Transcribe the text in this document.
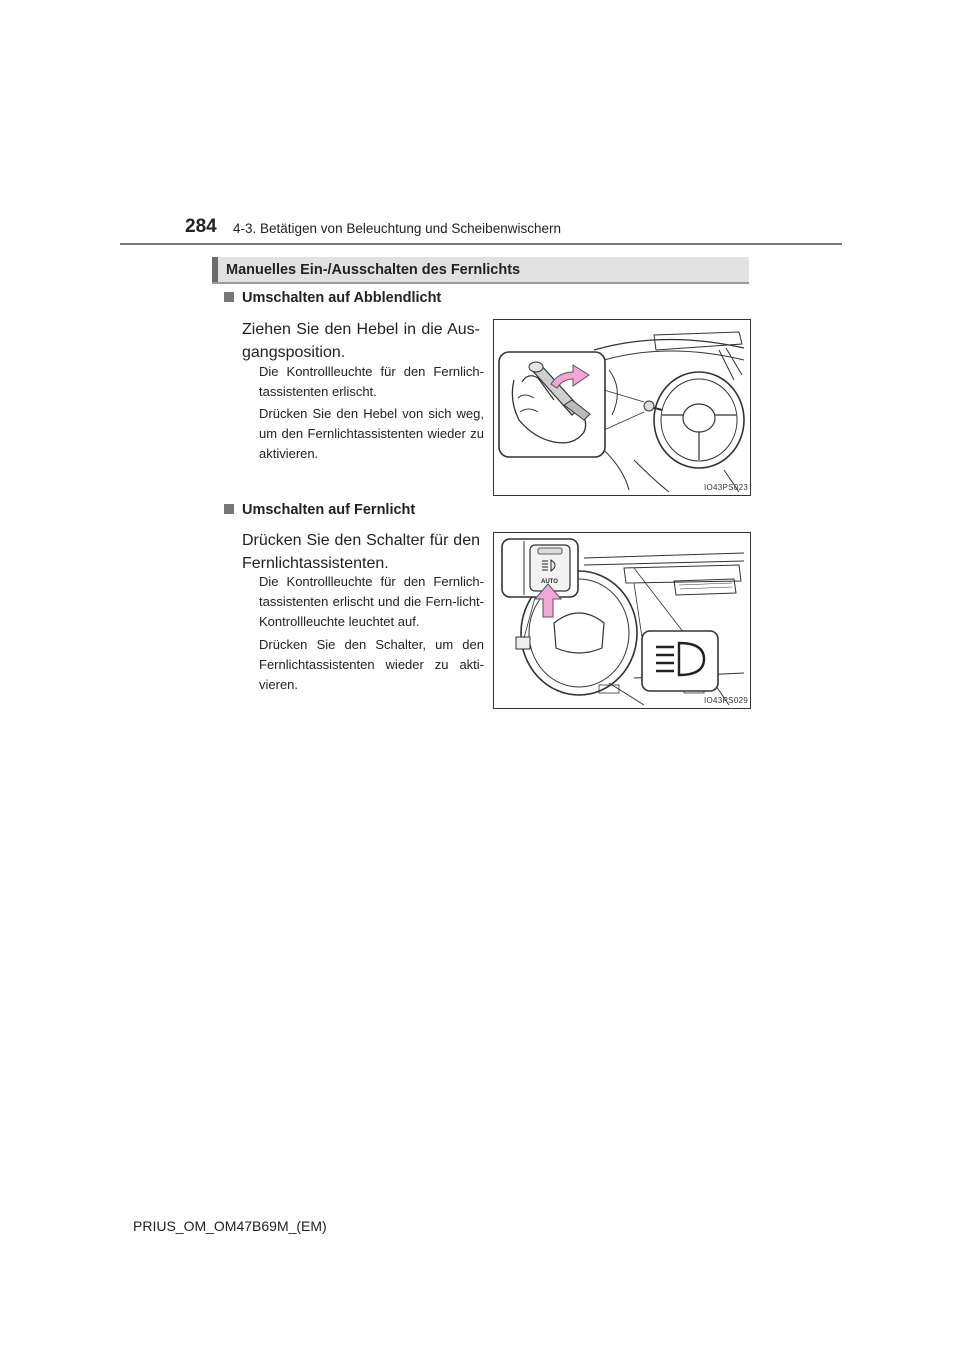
284 4-3. Betätigen von Beleuchtung und Scheibenwischern
Manuelles Ein-/Ausschalten des Fernlichts
Umschalten auf Abblendlicht
Ziehen Sie den Hebel in die Aus-gangsposition.
Die Kontrollleuchte für den Fernlich-tassistenten erlischt.
Drücken Sie den Hebel von sich weg, um den Fernlichtassistenten wieder zu aktivieren.
IO43PS023
Umschalten auf Fernlicht
Drücken Sie den Schalter für den Fernlichtassistenten.
Die Kontrollleuchte für den Fernlich-tassistenten erlischt und die Fern-licht-Kontrollleuchte leuchtet auf.
Drücken Sie den Schalter, um den Fernlichtassistenten wieder zu akti-vieren.
AUTO
IO43PS029
PRIUS_OM_OM47B69M_(EM)
